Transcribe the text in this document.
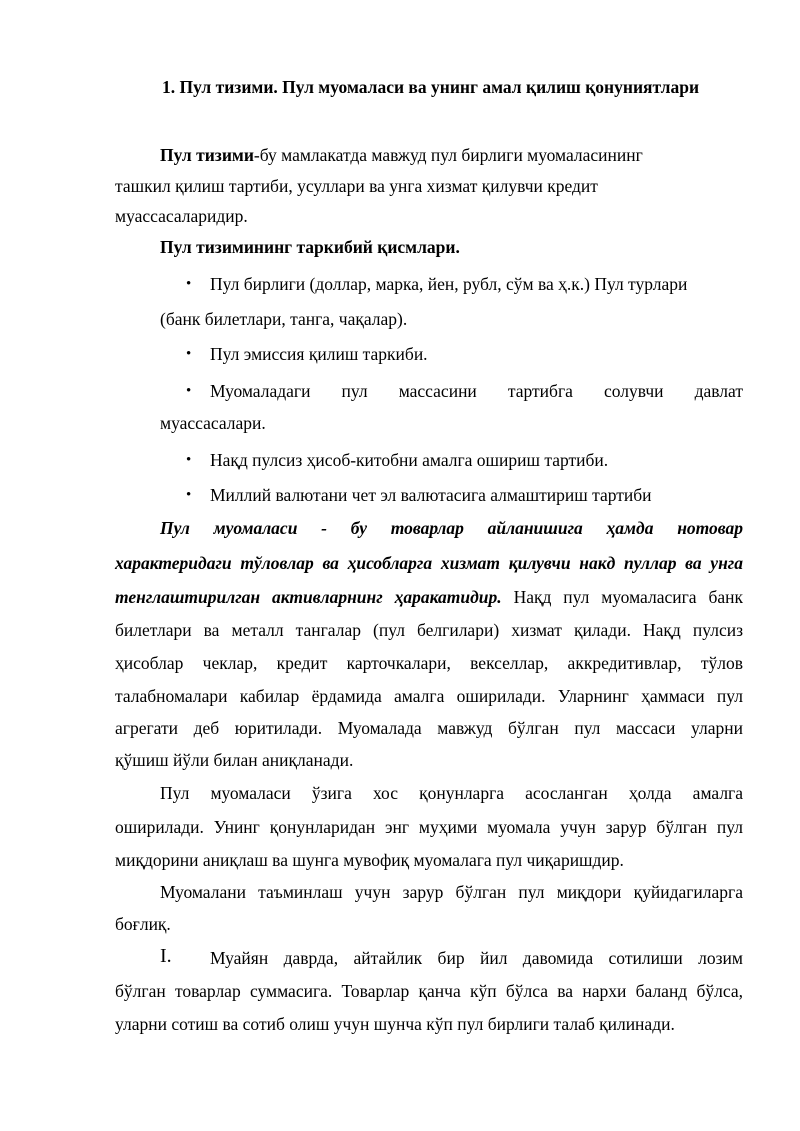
1. Пул тизими. Пул муомаласи ва унинг амал қилиш қонуниятлари
Пул тизими-бу мамлакатда мавжуд пул бирлиги муомаласининг
ташкил қилиш тартиби, усуллари ва унга хизмат қилувчи кредит
муассасаларидир.
Пул тизимининг таркибий қисмлари.
• Пул бирлиги (доллар, марка, йен, рубл, сўм ва ҳ.к.) Пул турлари
(банк билетлари, танга, чақалар).
• Пул эмиссия қилиш таркиби.
• Муомаладаги пул массасини тартибга солувчи давлат
муассасалари.
• Нақд пулсиз ҳисоб-китобни амалга ошириш тартиби.
• Миллий валютани чет эл валютасига алмаштириш тартиби
Пул муомаласи - бу товарлар айланишига ҳамда нотовар
характеридаги тўловлар ва ҳисобларга хизмат қилувчи накд пуллар ва унга
тенглаштирилган активларнинг ҳаракатидир. Нақд пул муомаласига банк
билетлари ва металл тангалар (пул белгилари) хизмат қилади. Нақд пулсиз
ҳисоблар чеклар, кредит карточкалари, векселлар, аккредитивлар, тўлов
талабномалари кабилар ёрдамида амалга оширилади. Уларнинг ҳаммаси пул
агрегати деб юритилади. Муомалада мавжуд бўлган пул массаси уларни
қўшиш йўли билан аниқланади.
Пул муомаласи ўзига хос қонунларга асосланган ҳолда амалга
оширилади. Унинг қонунларидан энг муҳими муомала учун зарур бўлган пул
миқдорини аниқлаш ва шунга мувофиқ муомалага пул чиқаришдир.
Муомалани таъминлаш учун зарур бўлган пул миқдори қуйидагиларга
боғлиқ.
I. Муайян даврда, айтайлик бир йил давомида сотилиши лозим
бўлган товарлар суммасига. Товарлар қанча кўп бўлса ва нархи баланд бўлса,
уларни сотиш ва сотиб олиш учун шунча кўп пул бирлиги талаб қилинади.
